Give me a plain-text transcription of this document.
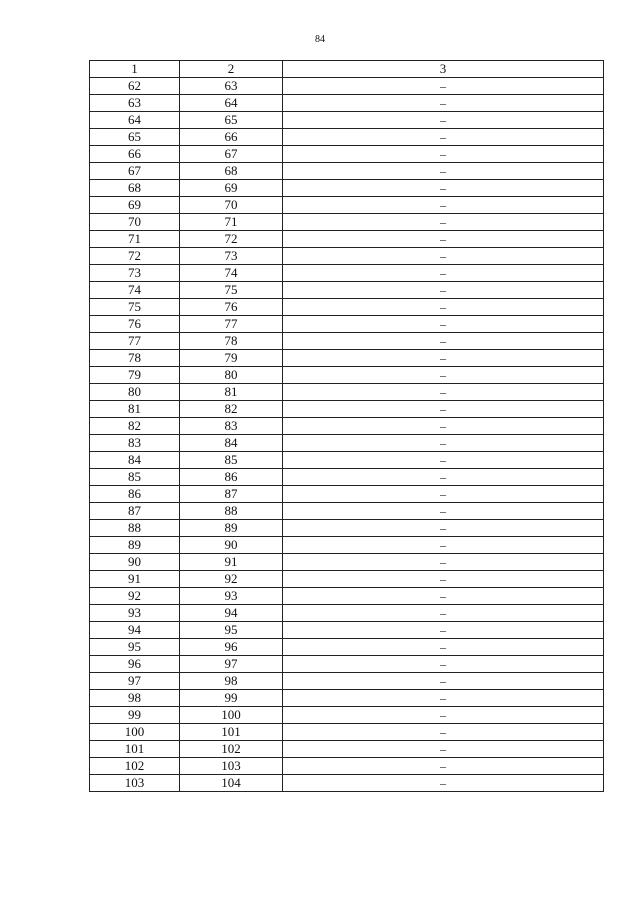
84
1	2	3
62	63	–
63	64	–
64	65	–
65	66	–
66	67	–
67	68	–
68	69	–
69	70	–
70	71	–
71	72	–
72	73	–
73	74	–
74	75	–
75	76	–
76	77	–
77	78	–
78	79	–
79	80	–
80	81	–
81	82	–
82	83	–
83	84	–
84	85	–
85	86	–
86	87	–
87	88	–
88	89	–
89	90	–
90	91	–
91	92	–
92	93	–
93	94	–
94	95	–
95	96	–
96	97	–
97	98	–
98	99	–
99	100	–
100	101	–
101	102	–
102	103	–
103	104	–
